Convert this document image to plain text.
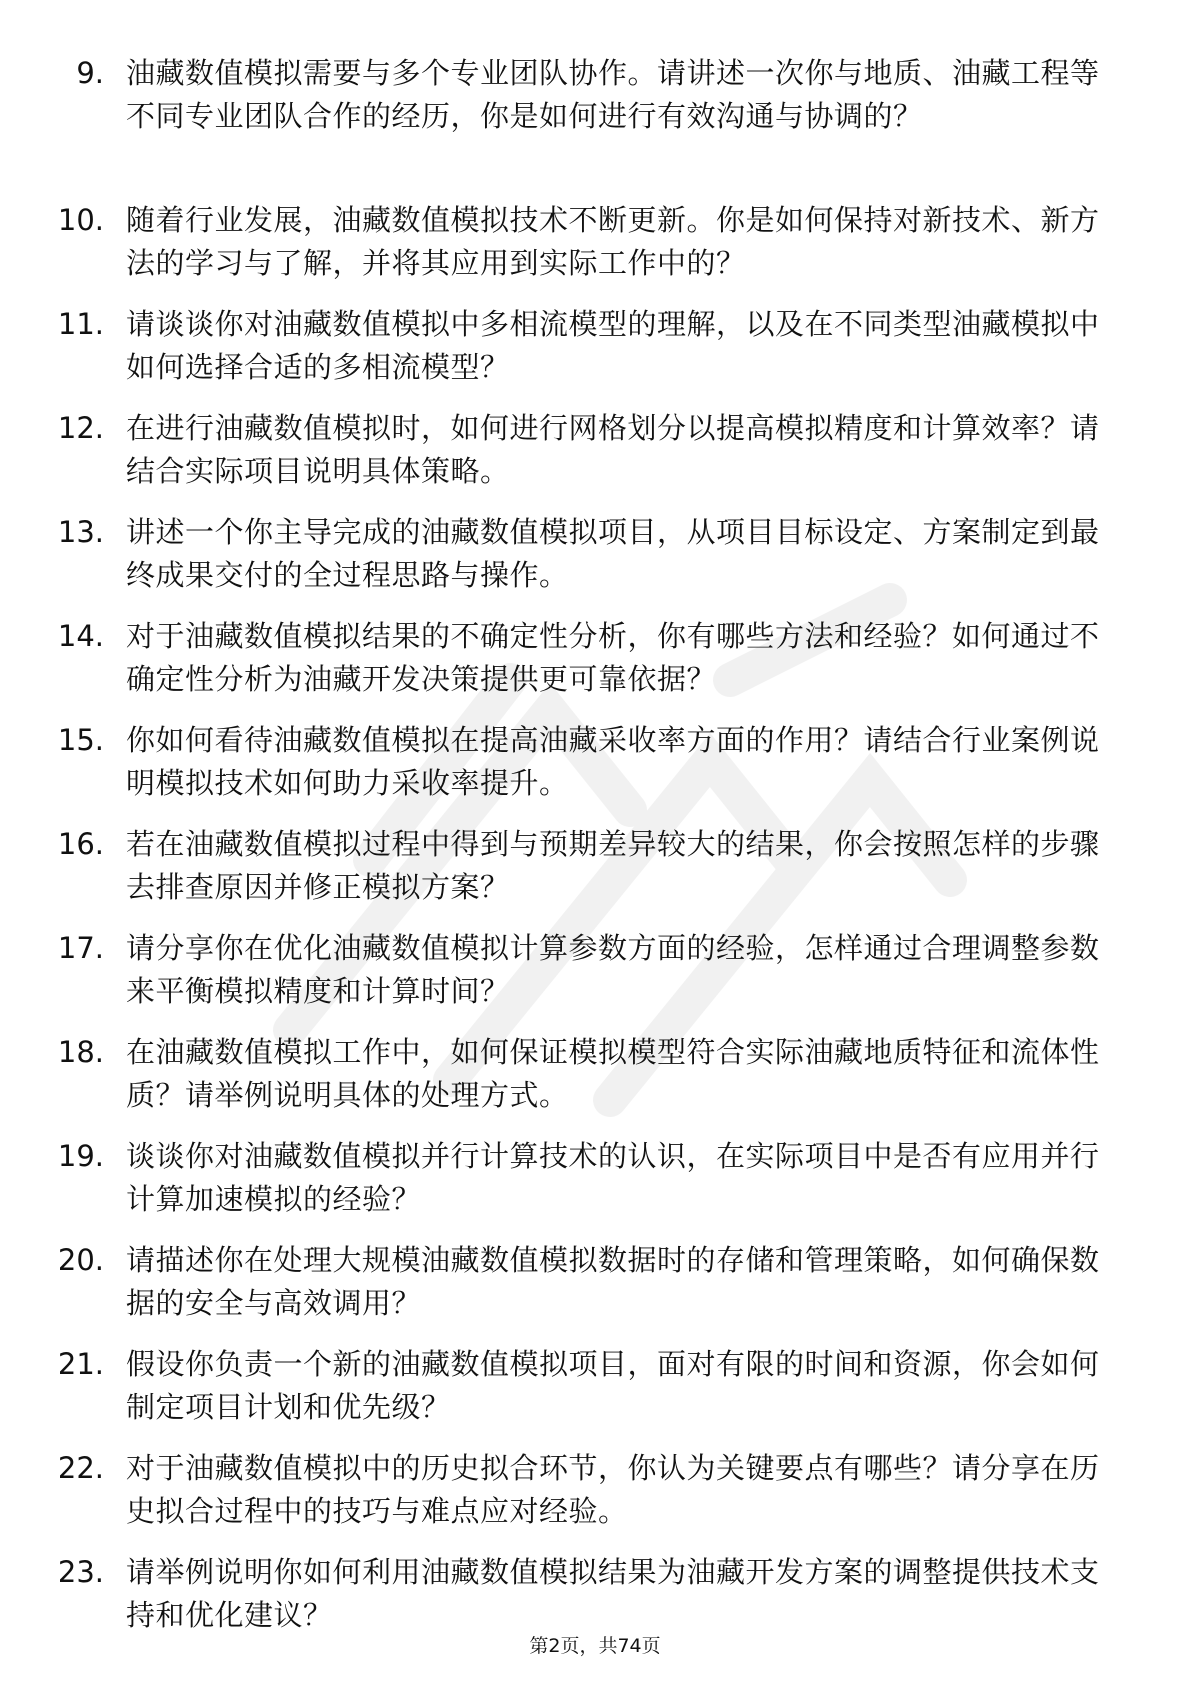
9. 油藏数值模拟需要与多个专业团队协作。请讲述一次你与地质、油藏工程等不同专业团队合作的经历，你是如何进行有效沟通与协调的？
10. 随着行业发展，油藏数值模拟技术不断更新。你是如何保持对新技术、新方法的学习与了解，并将其应用到实际工作中的？
11. 请谈谈你对油藏数值模拟中多相流模型的理解，以及在不同类型油藏模拟中如何选择合适的多相流模型？
12. 在进行油藏数值模拟时，如何进行网格划分以提高模拟精度和计算效率？请结合实际项目说明具体策略。
13. 讲述一个你主导完成的油藏数值模拟项目，从项目目标设定、方案制定到最终成果交付的全过程思路与操作。
14. 对于油藏数值模拟结果的不确定性分析，你有哪些方法和经验？如何通过不确定性分析为油藏开发决策提供更可靠依据？
15. 你如何看待油藏数值模拟在提高油藏采收率方面的作用？请结合行业案例说明模拟技术如何助力采收率提升。
16. 若在油藏数值模拟过程中得到与预期差异较大的结果，你会按照怎样的步骤去排查原因并修正模拟方案？
17. 请分享你在优化油藏数值模拟计算参数方面的经验，怎样通过合理调整参数来平衡模拟精度和计算时间？
18. 在油藏数值模拟工作中，如何保证模拟模型符合实际油藏地质特征和流体性质？请举例说明具体的处理方式。
19. 谈谈你对油藏数值模拟并行计算技术的认识，在实际项目中是否有应用并行计算加速模拟的经验？
20. 请描述你在处理大规模油藏数值模拟数据时的存储和管理策略，如何确保数据的安全与高效调用？
21. 假设你负责一个新的油藏数值模拟项目，面对有限的时间和资源，你会如何制定项目计划和优先级？
22. 对于油藏数值模拟中的历史拟合环节，你认为关键要点有哪些？请分享在历史拟合过程中的技巧与难点应对经验。
23. 请举例说明你如何利用油藏数值模拟结果为油藏开发方案的调整提供技术支持和优化建议？
第2页，共74页
